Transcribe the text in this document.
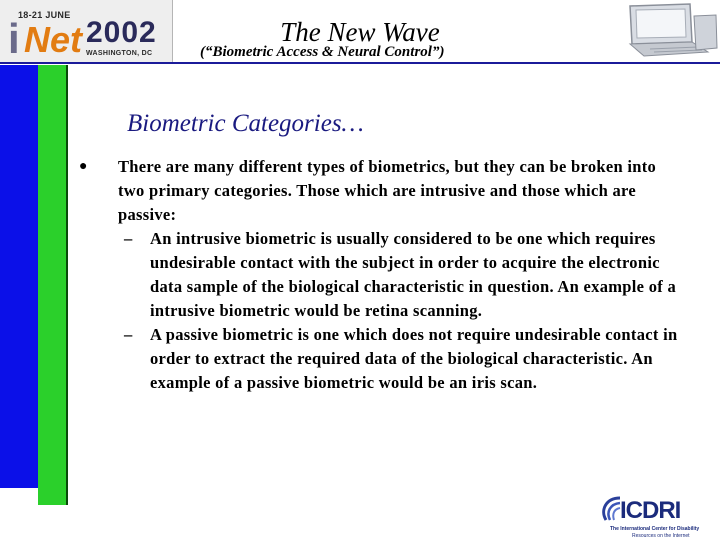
18-21 JUNE
i Net 2002
WASHINGTON, DC
The New Wave
(“Biometric Access & Neural Control”)
Biometric Categories…
●	There are many different types of biometrics, but they can be broken into two primary categories. Those which are intrusive and those which are passive:
–	An intrusive biometric is usually considered to be one which requires undesirable contact with the subject in order to acquire the electronic data sample of the biological characteristic in question. An example of a intrusive biometric would be retina scanning.
–	A passive biometric is one which does not require undesirable contact in order to extract the required data of the biological characteristic. An example of a passive biometric would be an iris scan.
ICDRI
The International Center for Disability
Resources on the Internet
